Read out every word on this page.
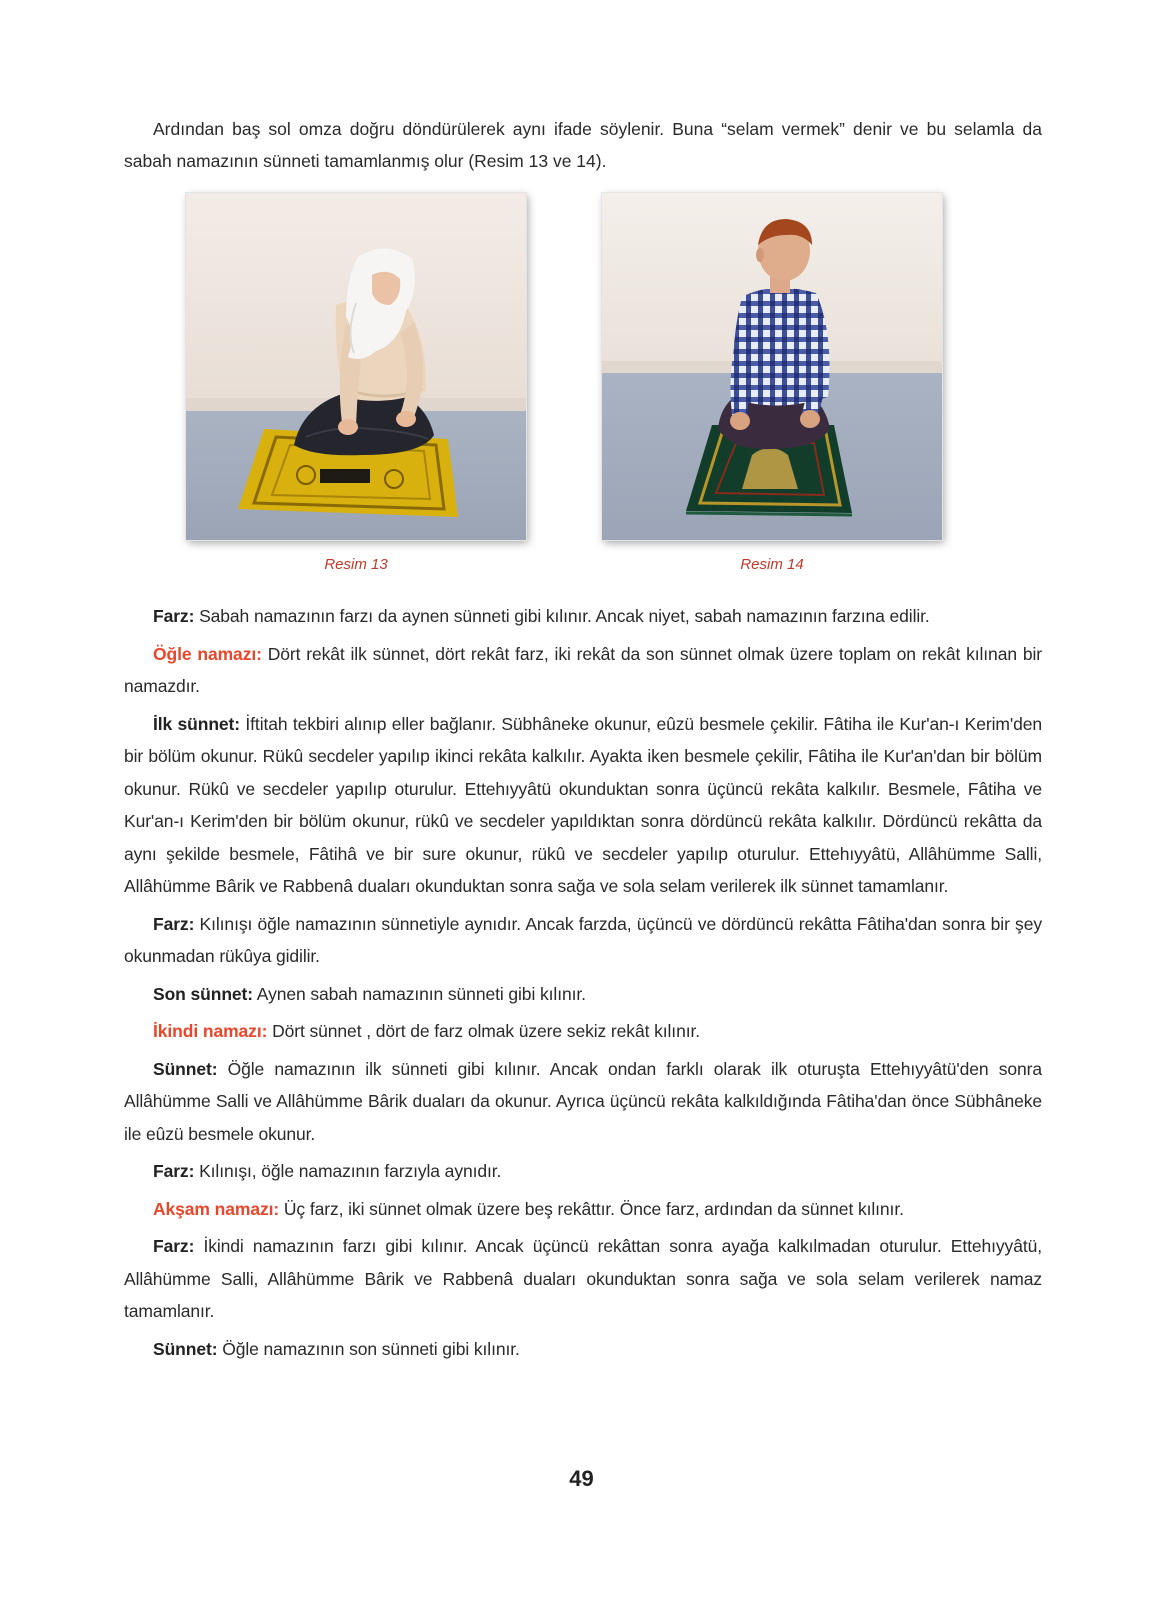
Ardından baş sol omza doğru döndürülerek aynı ifade söylenir. Buna “selam vermek” denir ve bu selamla da sabah namazının sünneti tamamlanmış olur (Resim 13 ve 14).

Resim 13	Resim 14

Farz: Sabah namazının farzı da aynen sünneti gibi kılınır. Ancak niyet, sabah namazının farzına edilir.

Öğle namazı: Dört rekât ilk sünnet, dört rekât farz, iki rekât da son sünnet olmak üzere toplam on rekât kılınan bir namazdır.

İlk sünnet: İftitah tekbiri alınıp eller bağlanır. Sübhâneke okunur, eûzü besmele çekilir. Fâtiha ile Kur'an-ı Kerim'den bir bölüm okunur. Rükû secdeler yapılıp ikinci rekâta kalkılır. Ayakta iken besmele çekilir, Fâtiha ile Kur'an'dan bir bölüm okunur. Rükû ve secdeler yapılıp oturulur. Ettehıyyâtü okunduktan sonra üçüncü rekâta kalkılır. Besmele, Fâtiha ve Kur'an-ı Kerim'den bir bölüm okunur, rükû ve secdeler yapıldıktan sonra dördüncü rekâta kalkılır. Dördüncü rekâtta da aynı şekilde besmele, Fâtihâ ve bir sure okunur, rükû ve secdeler yapılıp oturulur. Ettehıyyâtü, Allâhümme Salli, Allâhümme Bârik ve Rabbenâ duaları okunduktan sonra sağa ve sola selam verilerek ilk sünnet tamamlanır.

Farz: Kılınışı öğle namazının sünnetiyle aynıdır. Ancak farzda, üçüncü ve dördüncü rekâtta Fâtiha'dan sonra bir şey okunmadan rükûya gidilir.

Son sünnet: Aynen sabah namazının sünneti gibi kılınır.

İkindi namazı: Dört sünnet , dört de farz olmak üzere sekiz rekât kılınır.

Sünnet: Öğle namazının ilk sünneti gibi kılınır. Ancak ondan farklı olarak ilk oturuşta Ettehıyyâtü'den sonra Allâhümme Salli ve Allâhümme Bârik duaları da okunur. Ayrıca üçüncü rekâta kalkıldığında Fâtiha'dan önce Sübhâneke ile eûzü besmele okunur.

Farz: Kılınışı, öğle namazının farzıyla aynıdır.

Akşam namazı: Üç farz, iki sünnet olmak üzere beş rekâttır. Önce farz, ardından da sünnet kılınır.

Farz: İkindi namazının farzı gibi kılınır. Ancak üçüncü rekâttan sonra ayağa kalkılmadan oturulur. Ettehıyyâtü, Allâhümme Salli, Allâhümme Bârik ve Rabbenâ duaları okunduktan sonra sağa ve sola selam verilerek namaz tamamlanır.

Sünnet: Öğle namazının son sünneti gibi kılınır.

49
